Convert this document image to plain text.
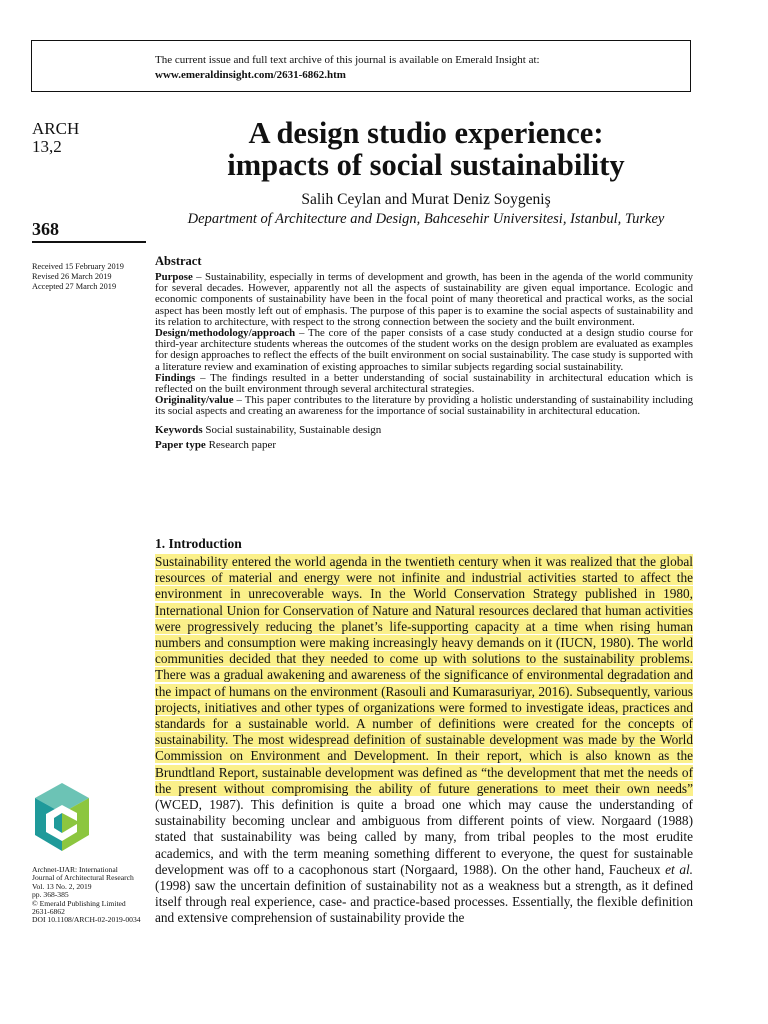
The current issue and full text archive of this journal is available on Emerald Insight at:
www.emeraldinsight.com/2631-6862.htm
ARCH
13,2
368
Received 15 February 2019
Revised 26 March 2019
Accepted 27 March 2019
A design studio experience:
impacts of social sustainability
Salih Ceylan and Murat Deniz Soygeniş
Department of Architecture and Design, Bahcesehir Universitesi, Istanbul, Turkey
Abstract

Purpose – Sustainability, especially in terms of development and growth, has been in the agenda of the world community for several decades. However, apparently not all the aspects of sustainability are given equal importance. Ecologic and economic components of sustainability have been in the focal point of many theoretical and practical works, as the social aspect has been mostly left out of emphasis. The purpose of this paper is to examine the social aspects of sustainability and its relation to architecture, with respect to the strong connection between the society and the built environment.

Design/methodology/approach – The core of the paper consists of a case study conducted at a design studio course for third-year architecture students whereas the outcomes of the student works on the design problem are evaluated as examples for design approaches to reflect the effects of the built environment on social sustainability. The case study is supported with a literature review and examination of existing approaches to similar subjects regarding social sustainability.

Findings – The findings resulted in a better understanding of social sustainability in architectural education which is reflected on the built environment through several architectural strategies.

Originality/value – This paper contributes to the literature by providing a holistic understanding of sustainability including its social aspects and creating an awareness for the importance of social sustainability in architectural education.

Keywords Social sustainability, Sustainable design
Paper type Research paper

1. Introduction

Sustainability entered the world agenda in the twentieth century when it was realized that the global resources of material and energy were not infinite and industrial activities started to affect the environment in unrecoverable ways. In the World Conservation Strategy published in 1980, International Union for Conservation of Nature and Natural resources declared that human activities were progressively reducing the planet’s life-supporting capacity at a time when rising human numbers and consumption were making increasingly heavy demands on it (IUCN, 1980). The world communities decided that they needed to come up with solutions to the sustainability problems. There was a gradual awakening and awareness of the significance of environmental degradation and the impact of humans on the environment (Rasouli and Kumarasuriyar, 2016). Subsequently, various projects, initiatives and other types of organizations were formed to investigate ideas, practices and standards for a sustainable world. A number of definitions were created for the concepts of sustainability. The most widespread definition of sustainable development was made by the World Commission on Environment and Development. In their report, which is also known as the Brundtland Report, sustainable development was defined as “the development that met the needs of the present without compromising the ability of future generations to meet their own needs” (WCED, 1987). This definition is quite a broad one which may cause the understanding of sustainability becoming unclear and ambiguous from different points of view. Norgaard (1988) stated that sustainability was being called by many, from tribal peoples to the most erudite academics, and with the term meaning something different to everyone, the quest for sustainable development was off to a cacophonous start (Norgaard, 1988). On the other hand, Faucheux et al. (1998) saw the uncertain definition of sustainability not as a weakness but a strength, as it defined itself through real experience, case- and practice-based processes. Essentially, the flexible definition and extensive comprehension of sustainability provide the

Archnet-IJAR: International
Journal of Architectural Research
Vol. 13 No. 2, 2019
pp. 368-385
© Emerald Publishing Limited
2631-6862
DOI 10.1108/ARCH-02-2019-0034
